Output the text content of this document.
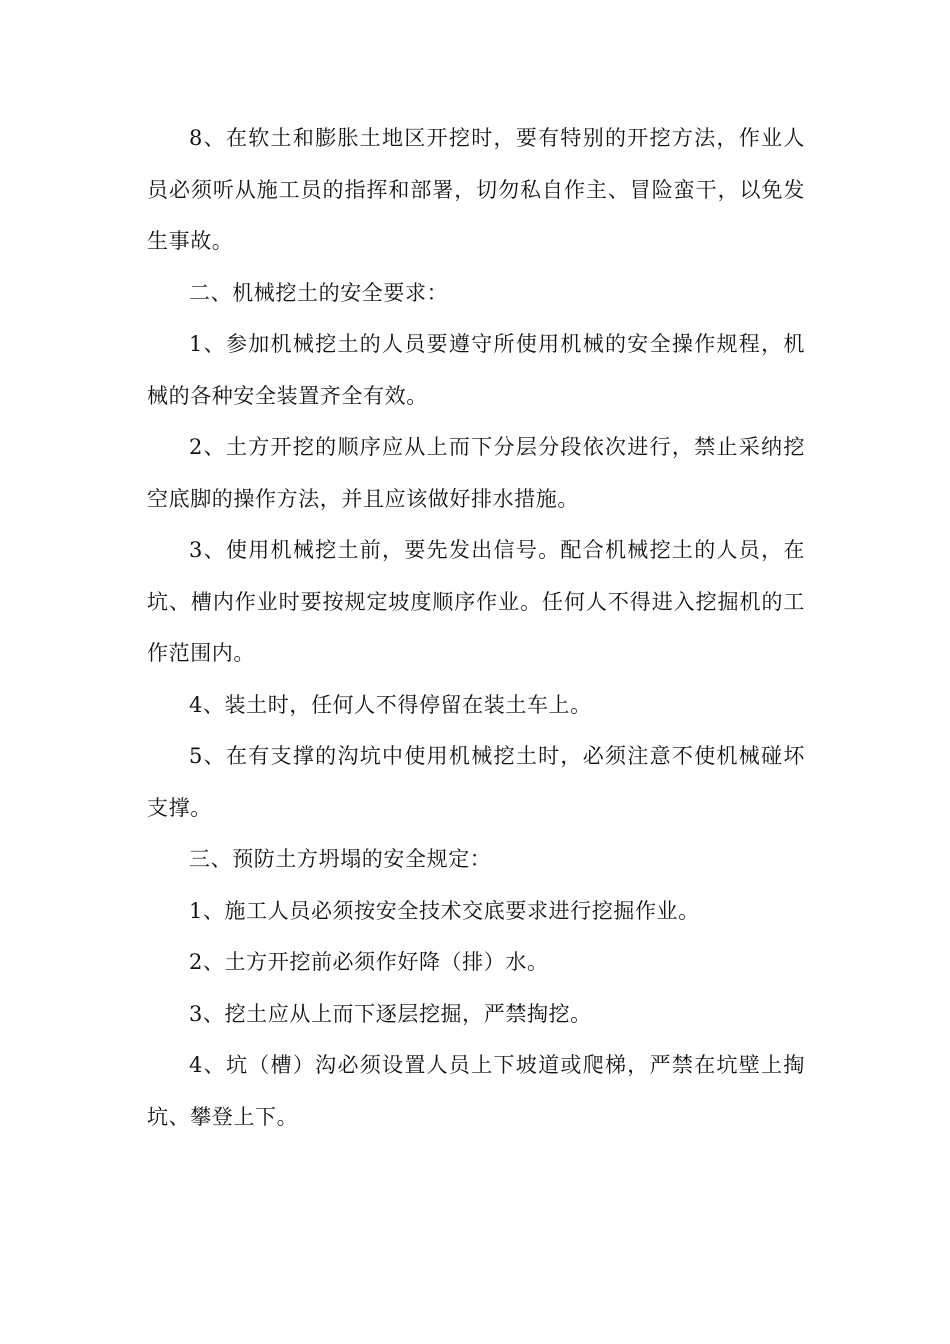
8、在软土和膨胀土地区开挖时，要有特别的开挖方法，作业人员必须听从施工员的指挥和部署，切勿私自作主、冒险蛮干，以免发生事故。

二、机械挖土的安全要求：

1、参加机械挖土的人员要遵守所使用机械的安全操作规程，机械的各种安全装置齐全有效。

2、土方开挖的顺序应从上而下分层分段依次进行，禁止采纳挖空底脚的操作方法，并且应该做好排水措施。

3、使用机械挖土前，要先发出信号。配合机械挖土的人员，在坑、槽内作业时要按规定坡度顺序作业。任何人不得进入挖掘机的工作范围内。

4、装土时，任何人不得停留在装土车上。

5、在有支撑的沟坑中使用机械挖土时，必须注意不使机械碰坏支撑。

三、预防土方坍塌的安全规定：

1、施工人员必须按安全技术交底要求进行挖掘作业。

2、土方开挖前必须作好降（排）水。

3、挖土应从上而下逐层挖掘，严禁掏挖。

4、坑（槽）沟必须设置人员上下坡道或爬梯，严禁在坑壁上掏坑、攀登上下。
